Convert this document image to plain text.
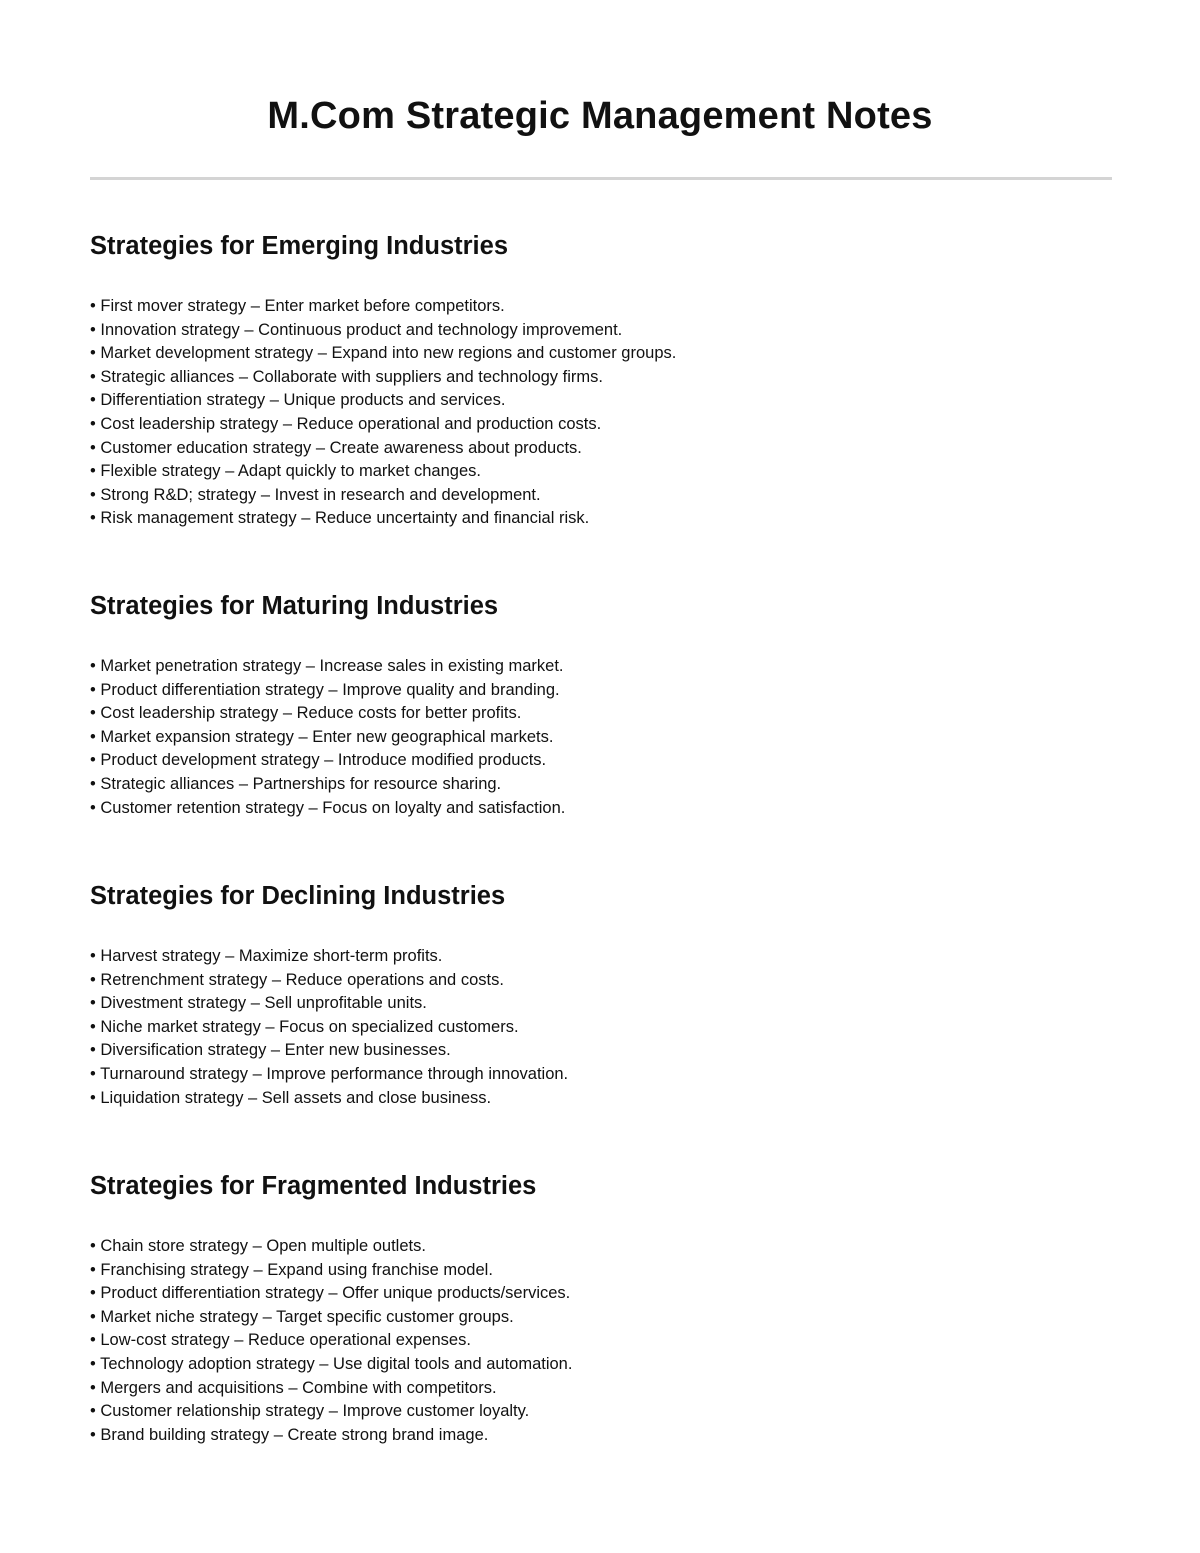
M.Com Strategic Management Notes
Strategies for Emerging Industries
• First mover strategy – Enter market before competitors.
• Innovation strategy – Continuous product and technology improvement.
• Market development strategy – Expand into new regions and customer groups.
• Strategic alliances – Collaborate with suppliers and technology firms.
• Differentiation strategy – Unique products and services.
• Cost leadership strategy – Reduce operational and production costs.
• Customer education strategy – Create awareness about products.
• Flexible strategy – Adapt quickly to market changes.
• Strong R&D; strategy – Invest in research and development.
• Risk management strategy – Reduce uncertainty and financial risk.
Strategies for Maturing Industries
• Market penetration strategy – Increase sales in existing market.
• Product differentiation strategy – Improve quality and branding.
• Cost leadership strategy – Reduce costs for better profits.
• Market expansion strategy – Enter new geographical markets.
• Product development strategy – Introduce modified products.
• Strategic alliances – Partnerships for resource sharing.
• Customer retention strategy – Focus on loyalty and satisfaction.
Strategies for Declining Industries
• Harvest strategy – Maximize short-term profits.
• Retrenchment strategy – Reduce operations and costs.
• Divestment strategy – Sell unprofitable units.
• Niche market strategy – Focus on specialized customers.
• Diversification strategy – Enter new businesses.
• Turnaround strategy – Improve performance through innovation.
• Liquidation strategy – Sell assets and close business.
Strategies for Fragmented Industries
• Chain store strategy – Open multiple outlets.
• Franchising strategy – Expand using franchise model.
• Product differentiation strategy – Offer unique products/services.
• Market niche strategy – Target specific customer groups.
• Low-cost strategy – Reduce operational expenses.
• Technology adoption strategy – Use digital tools and automation.
• Mergers and acquisitions – Combine with competitors.
• Customer relationship strategy – Improve customer loyalty.
• Brand building strategy – Create strong brand image.
